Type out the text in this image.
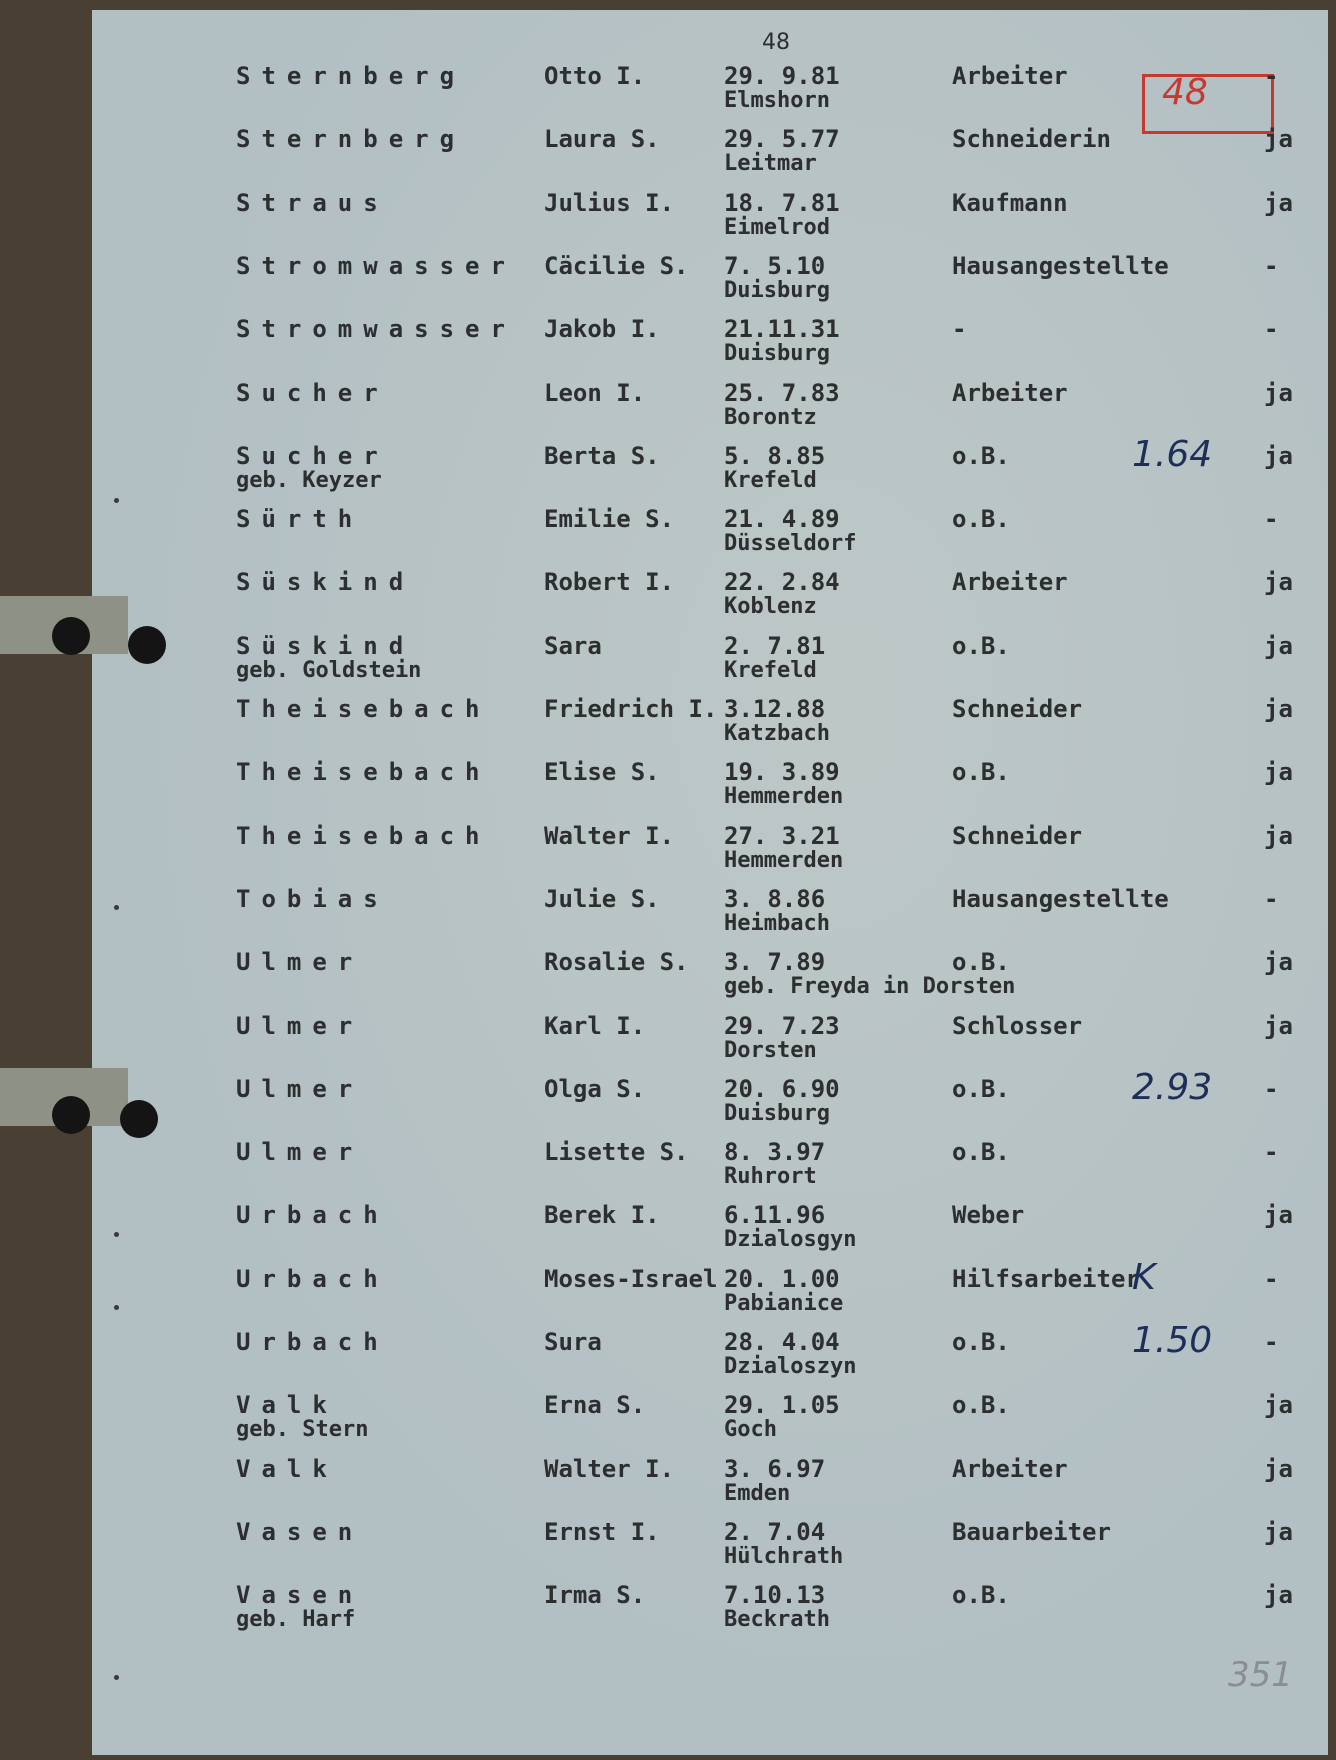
48
48
Sternberg	Otto I.	29. 9.81
Elmshorn
Arbeiter	-
Sternberg	Laura S.	29. 5.77
Leitmar
Schneiderin	ja
Straus	Julius I. 18. 7.81
Eimelrod
Kaufmann	ja
Stromwasser Cäcilie S. 7. 5.10
Duisburg
Hausangestellte	-
Stromwasser Jakob I.	21.11.31
Duisburg
-	-
Sucher	Leon I.	25. 7.83
Borontz
Arbeiter	ja
Sucher
geb. Keyzer
Berta S.	5. 8.85
Krefeld
o.B.	ja
1.64
Sürth	Emilie S. 21. 4.89
Düsseldorf
o.B.	-
Süskind	Robert I. 22. 2.84
Koblenz
Arbeiter	ja
Süskind
geb. Goldstein
Sara	2. 7.81
Krefeld
o.B.	ja
Theisebach Friedrich I. 3.12.88
Katzbach
Schneider	ja
Theisebach Elise S.	19. 3.89
Hemmerden
o.B.	ja
Theisebach Walter I. 27. 3.21
Hemmerden
Schneider	ja
Tobias	Julie S.	3. 8.86
Heimbach
Hausangestellte	-
Ulmer	Rosalie S. 3. 7.89
geb. Freyda in Dorsten
o.B.	ja
Ulmer	Karl I.	29. 7.23
Dorsten
Schlosser	ja
Ulmer	Olga S.	20. 6.90
Duisburg
o.B.	-
2.93
Ulmer	Lisette S. 8. 3.97
Ruhrort
o.B.	-
Urbach	Berek I.	6.11.96
Dzialosgyn
Weber	ja
Urbach	Moses-Israel 20. 1.00
Pabianice
Hilfsarbeiter	-
K
Urbach	Sura	28. 4.04
Dzialoszyn
o.B.	-
1.50
Valk
geb. Stern
Erna S.	29. 1.05
Goch
o.B.	ja
Valk	Walter I. 3. 6.97
Emden
Arbeiter	ja
Vasen	Ernst I.	2. 7.04
Hülchrath
Bauarbeiter	ja
Vasen
geb. Harf
Irma S.	7.10.13
Beckrath
o.B.	ja
351
